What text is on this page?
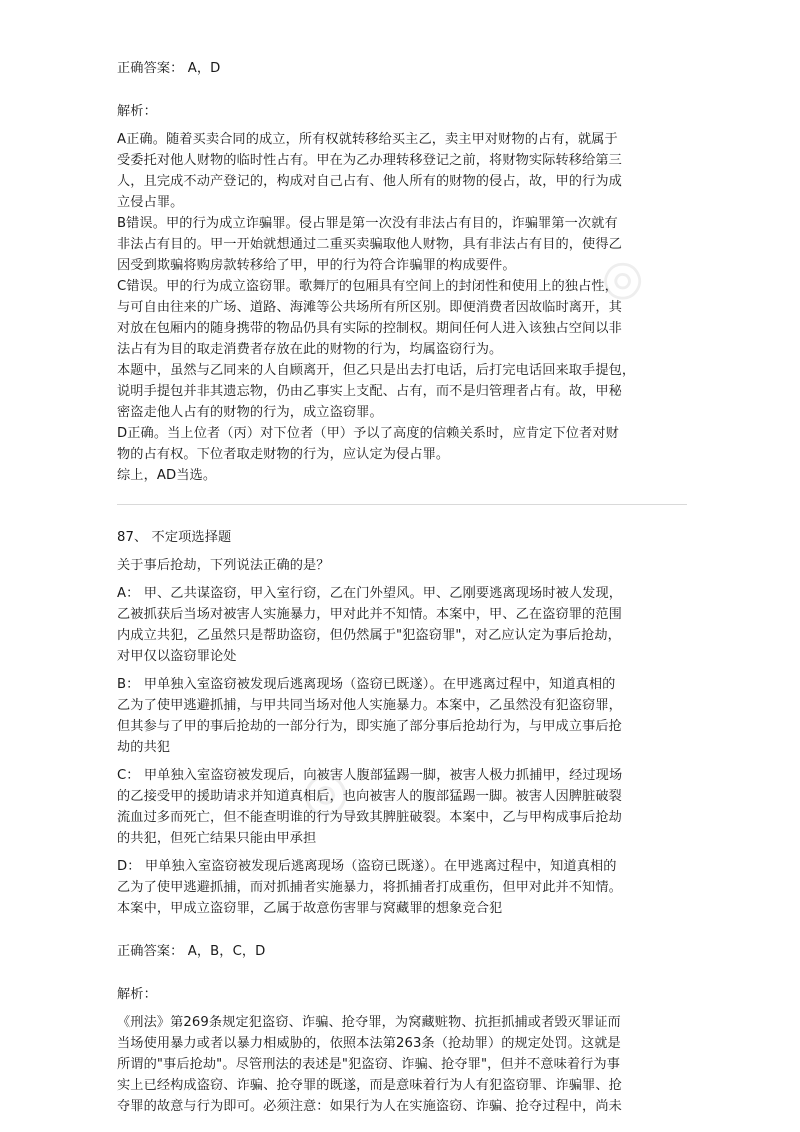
◎
◎
正确答案： A，D
解析：
A正确。随着买卖合同的成立，所有权就转移给买主乙，卖主甲对财物的占有，就属于
受委托对他人财物的临时性占有。甲在为乙办理转移登记之前，将财物实际转移给第三
人，且完成不动产登记的，构成对自己占有、他人所有的财物的侵占，故，甲的行为成
立侵占罪。
B错误。甲的行为成立诈骗罪。侵占罪是第一次没有非法占有目的，诈骗罪第一次就有
非法占有目的。甲一开始就想通过二重买卖骗取他人财物，具有非法占有目的，使得乙
因受到欺骗将购房款转移给了甲，甲的行为符合诈骗罪的构成要件。
C错误。甲的行为成立盗窃罪。歌舞厅的包厢具有空间上的封闭性和使用上的独占性，
与可自由往来的广场、道路、海滩等公共场所有所区别。即便消费者因故临时离开，其
对放在包厢内的随身携带的物品仍具有实际的控制权。期间任何人进入该独占空间以非
法占有为目的取走消费者存放在此的财物的行为，均属盗窃行为。
本题中，虽然与乙同来的人自顾离开，但乙只是出去打电话，后打完电话回来取手提包，
说明手提包并非其遗忘物，仍由乙事实上支配、占有，而不是归管理者占有。故，甲秘
密盗走他人占有的财物的行为，成立盗窃罪。
D正确。当上位者（丙）对下位者（甲）予以了高度的信赖关系时，应肯定下位者对财
物的占有权。下位者取走财物的行为，应认定为侵占罪。
综上，AD当选。
87、 不定项选择题
关于事后抢劫，下列说法正确的是？
A： 甲、乙共谋盗窃，甲入室行窃，乙在门外望风。甲、乙刚要逃离现场时被人发现，
乙被抓获后当场对被害人实施暴力，甲对此并不知情。本案中，甲、乙在盗窃罪的范围
内成立共犯，乙虽然只是帮助盗窃，但仍然属于"犯盗窃罪"，对乙应认定为事后抢劫，
对甲仅以盗窃罪论处
B： 甲单独入室盗窃被发现后逃离现场（盗窃已既遂）。在甲逃离过程中，知道真相的
乙为了使甲逃避抓捕，与甲共同当场对他人实施暴力。本案中，乙虽然没有犯盗窃罪，
但其参与了甲的事后抢劫的一部分行为，即实施了部分事后抢劫行为，与甲成立事后抢
劫的共犯
C： 甲单独入室盗窃被发现后，向被害人腹部猛踢一脚，被害人极力抓捕甲，经过现场
的乙接受甲的援助请求并知道真相后，也向被害人的腹部猛踢一脚。被害人因脾脏破裂
流血过多而死亡，但不能查明谁的行为导致其脾脏破裂。本案中，乙与甲构成事后抢劫
的共犯，但死亡结果只能由甲承担
D： 甲单独入室盗窃被发现后逃离现场（盗窃已既遂）。在甲逃离过程中，知道真相的
乙为了使甲逃避抓捕，而对抓捕者实施暴力，将抓捕者打成重伤，但甲对此并不知情。
本案中，甲成立盗窃罪，乙属于故意伤害罪与窝藏罪的想象竞合犯
正确答案： A，B，C，D
解析：
《刑法》第269条规定犯盗窃、诈骗、抢夺罪，为窝藏赃物、抗拒抓捕或者毁灭罪证而
当场使用暴力或者以暴力相威胁的，依照本法第263条（抢劫罪）的规定处罚。这就是
所谓的"事后抢劫"。尽管刑法的表述是"犯盗窃、诈骗、抢夺罪"，但并不意味着行为事
实上已经构成盗窃、诈骗、抢夺罪的既遂，而是意味着行为人有犯盗窃罪、诈骗罪、抢
夺罪的故意与行为即可。必须注意：如果行为人在实施盗窃、诈骗、抢夺过程中，尚未
